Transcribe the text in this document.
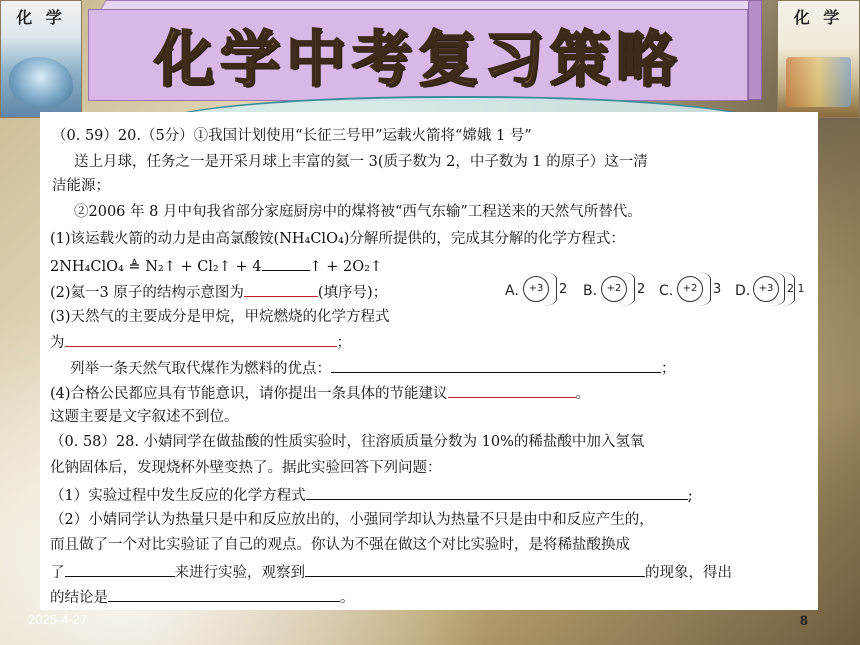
化 学	化 学
化学中考复习策略
（0. 59）20.（5分）①我国计划使用“长征三号甲”运载火箭将“嫦娥 1 号”
送上月球，任务之一是开采月球上丰富的氦一 3(质子数为 2，中子数为 1 的原子）这一清
洁能源；
②2006 年 8 月中旬我省部分家庭厨房中的煤将被“西气东输”工程送来的天然气所替代。
(1)该运载火箭的动力是由高氯酸铵(NH₄ClO₄)分解所提供的，完成其分解的化学方程式：
2NH₄ClO₄ ≜ N₂↑ + Cl₂↑ + 4	↑ + 2O₂↑
(2)氦一3 原子的结构示意图为	(填序号)；
(3)天然气的主要成分是甲烷，甲烷燃烧的化学方程式
为	；
列举一条天然气取代煤作为燃料的优点：	；
(4)合格公民都应具有节能意识，请你提出一条具体的节能建议	。
这题主要是文字叙述不到位。
（0. 58）28. 小婧同学在做盐酸的性质实验时，往溶质质量分数为 10%的稀盐酸中加入氢氧
化钠固体后，发现烧杯外壁变热了。据此实验回答下列问题：
（1）实验过程中发生反应的化学方程式	;
（2）小婧同学认为热量只是中和反应放出的，小强同学却认为热量不只是由中和反应产生的，
而且做了一个对比实验证了自己的观点。你认为不强在做这个对比实验时，是将稀盐酸换成
了	来进行实验，观察到	的现象，得出
的结论是	。
A. +3	2 B. +2	2 C. +2	3 D. +3	2 1
2025-4-27	8
